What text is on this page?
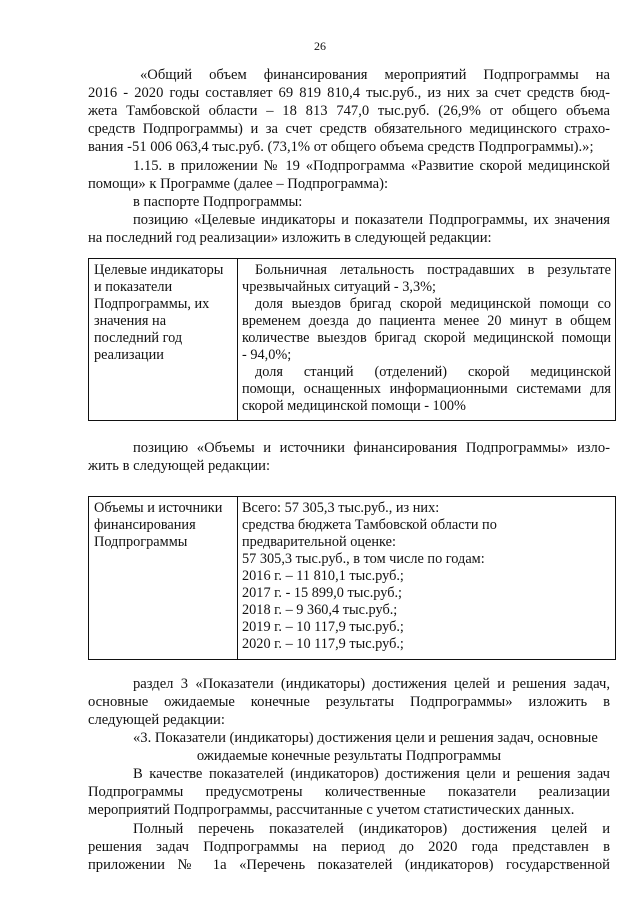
26
«Общий объем финансирования мероприятий Подпрограммы на
2016 - 2020 годы составляет 69 819 810,4 тыс.руб., из них за счет средств бюд-
жета Тамбовской области – 18 813 747,0 тыс.руб. (26,9% от общего объема
средств Подпрограммы) и за счет средств обязательного медицинского страхо-
вания -51 006 063,4 тыс.руб. (73,1% от общего объема средств Подпрограммы).»;
1.15. в приложении № 19 «Подпрограмма «Развитие скорой медицинской
помощи» к Программе (далее – Подпрограмма):
в паспорте Подпрограммы:
позицию «Целевые индикаторы и показатели Подпрограммы, их значения
на последний год реализации» изложить в следующей редакции:
Целевые индикаторы
и показатели
Подпрограммы, их
значения на
последний год
реализации
Больничная летальность пострадавших в результате
чрезвычайных ситуаций - 3,3%;
доля выездов бригад скорой медицинской помощи со
временем доезда до пациента менее 20 минут в общем
количестве выездов бригад скорой медицинской помощи
- 94,0%;
доля станций (отделений) скорой медицинской
помощи, оснащенных информационными системами для
скорой медицинской помощи - 100%
позицию «Объемы и источники финансирования Подпрограммы» изло-
жить в следующей редакции:
Объемы и источники
финансирования
Подпрограммы
Всего: 57 305,3 тыс.руб., из них:
средства бюджета Тамбовской области по
предварительной оценке:
57 305,3 тыс.руб., в том числе по годам:
2016 г. – 11 810,1 тыс.руб.;
2017 г. - 15 899,0 тыс.руб.;
2018 г. – 9 360,4 тыс.руб.;
2019 г. – 10 117,9 тыс.руб.;
2020 г. – 10 117,9 тыс.руб.;
раздел 3 «Показатели (индикаторы) достижения целей и решения задач,
основные ожидаемые конечные результаты Подпрограммы» изложить в
следующей редакции:
«3. Показатели (индикаторы) достижения цели и решения задач, основные
ожидаемые конечные результаты Подпрограммы
В качестве показателей (индикаторов) достижения цели и решения задач
Подпрограммы предусмотрены количественные показатели реализации
мероприятий Подпрограммы, рассчитанные с учетом статистических данных.
Полный перечень показателей (индикаторов) достижения целей и
решения задач Подпрограммы на период до 2020 года представлен в
приложении № 1а «Перечень показателей (индикаторов) государственной
